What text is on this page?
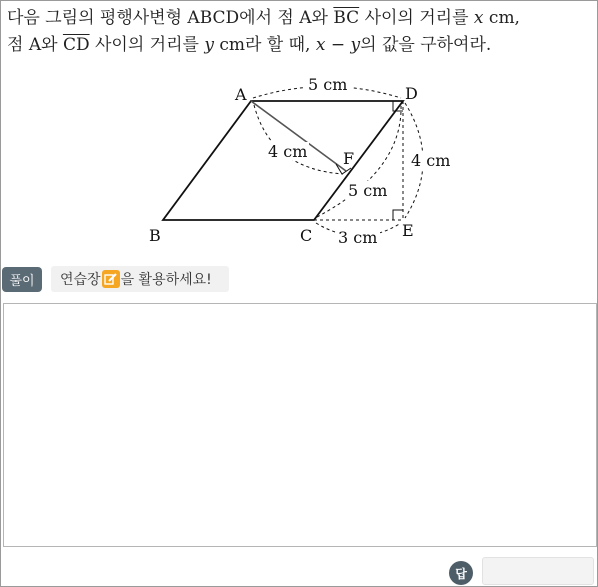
다음 그림의 평행사변형 ABCD에서 점 A와 $\overline{BC}$ 사이의 거리를 x cm,
점 A와 $\overline{CD}$ 사이의 거리를 y cm라 할 때, x − y의 값을 구하여라.
A
B	C
D
E
F
5 cm
4 cm
5 cm
4 cm
3 cm
풀이	연습장 을 활용하세요!
답
